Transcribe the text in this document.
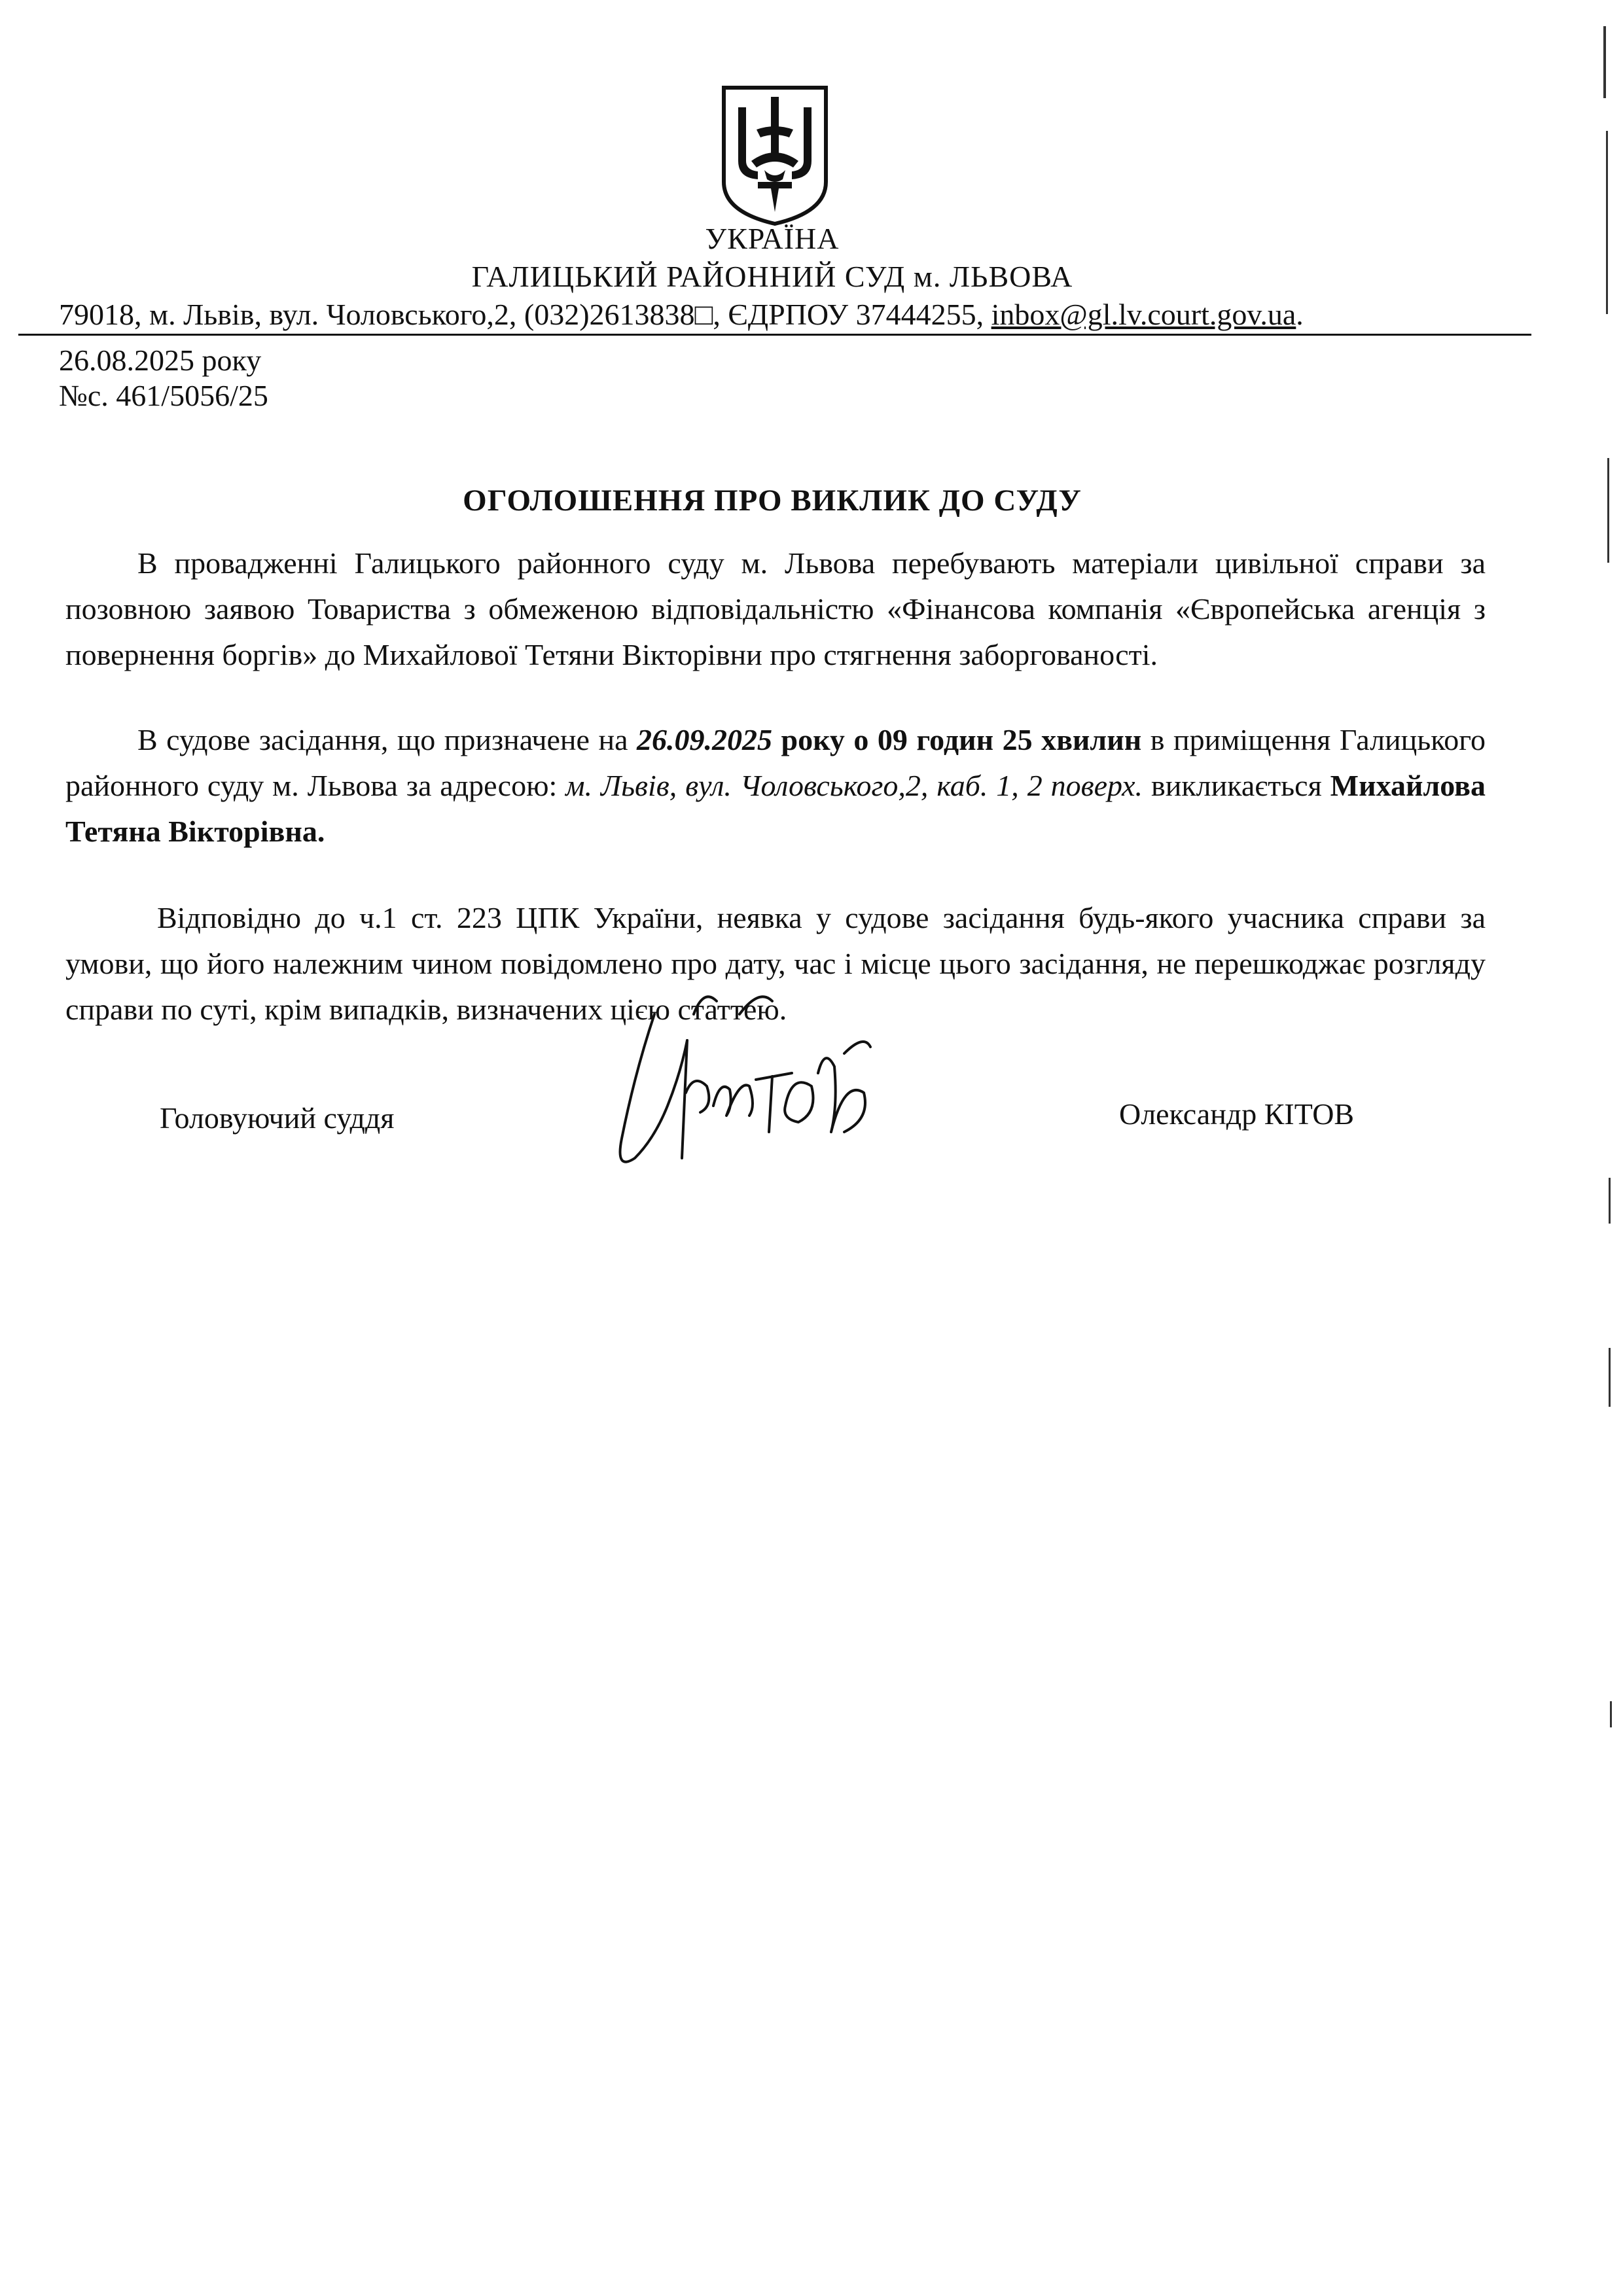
УКРАЇНА
ГАЛИЦЬКИЙ РАЙОННИЙ СУД м. ЛЬВОВА
79018, м. Львів, вул. Чоловського,2, (032)2613838□, ЄДРПОУ 37444255, inbox@gl.lv.court.gov.ua.
26.08.2025 року
№с. 461/5056/25
ОГОЛОШЕННЯ ПРО ВИКЛИК ДО СУДУ
В провадженні Галицького районного суду м. Львова перебувають матеріали цивільної справи за позовною заявою Товариства з обмеженою відповідальністю «Фінансова компанія «Європейська агенція з повернення боргів» до Михайлової Тетяни Вікторівни про стягнення заборгованості.
В судове засідання, що призначене на 26.09.2025 року о 09 годин 25 хвилин в приміщення Галицького районного суду м. Львова за адресою: м. Львів, вул. Чоловського,2, каб. 1, 2 поверх. викликається Михайлова Тетяна Вікторівна.
Відповідно до ч.1 ст. 223 ЦПК України, неявка у судове засідання будь-якого учасника справи за умови, що його належним чином повідомлено про дату, час і місце цього засідання, не перешкоджає розгляду справи по суті, крім випадків, визначених цією статтею.
Головуючий суддя	Олександр КІТОВ
